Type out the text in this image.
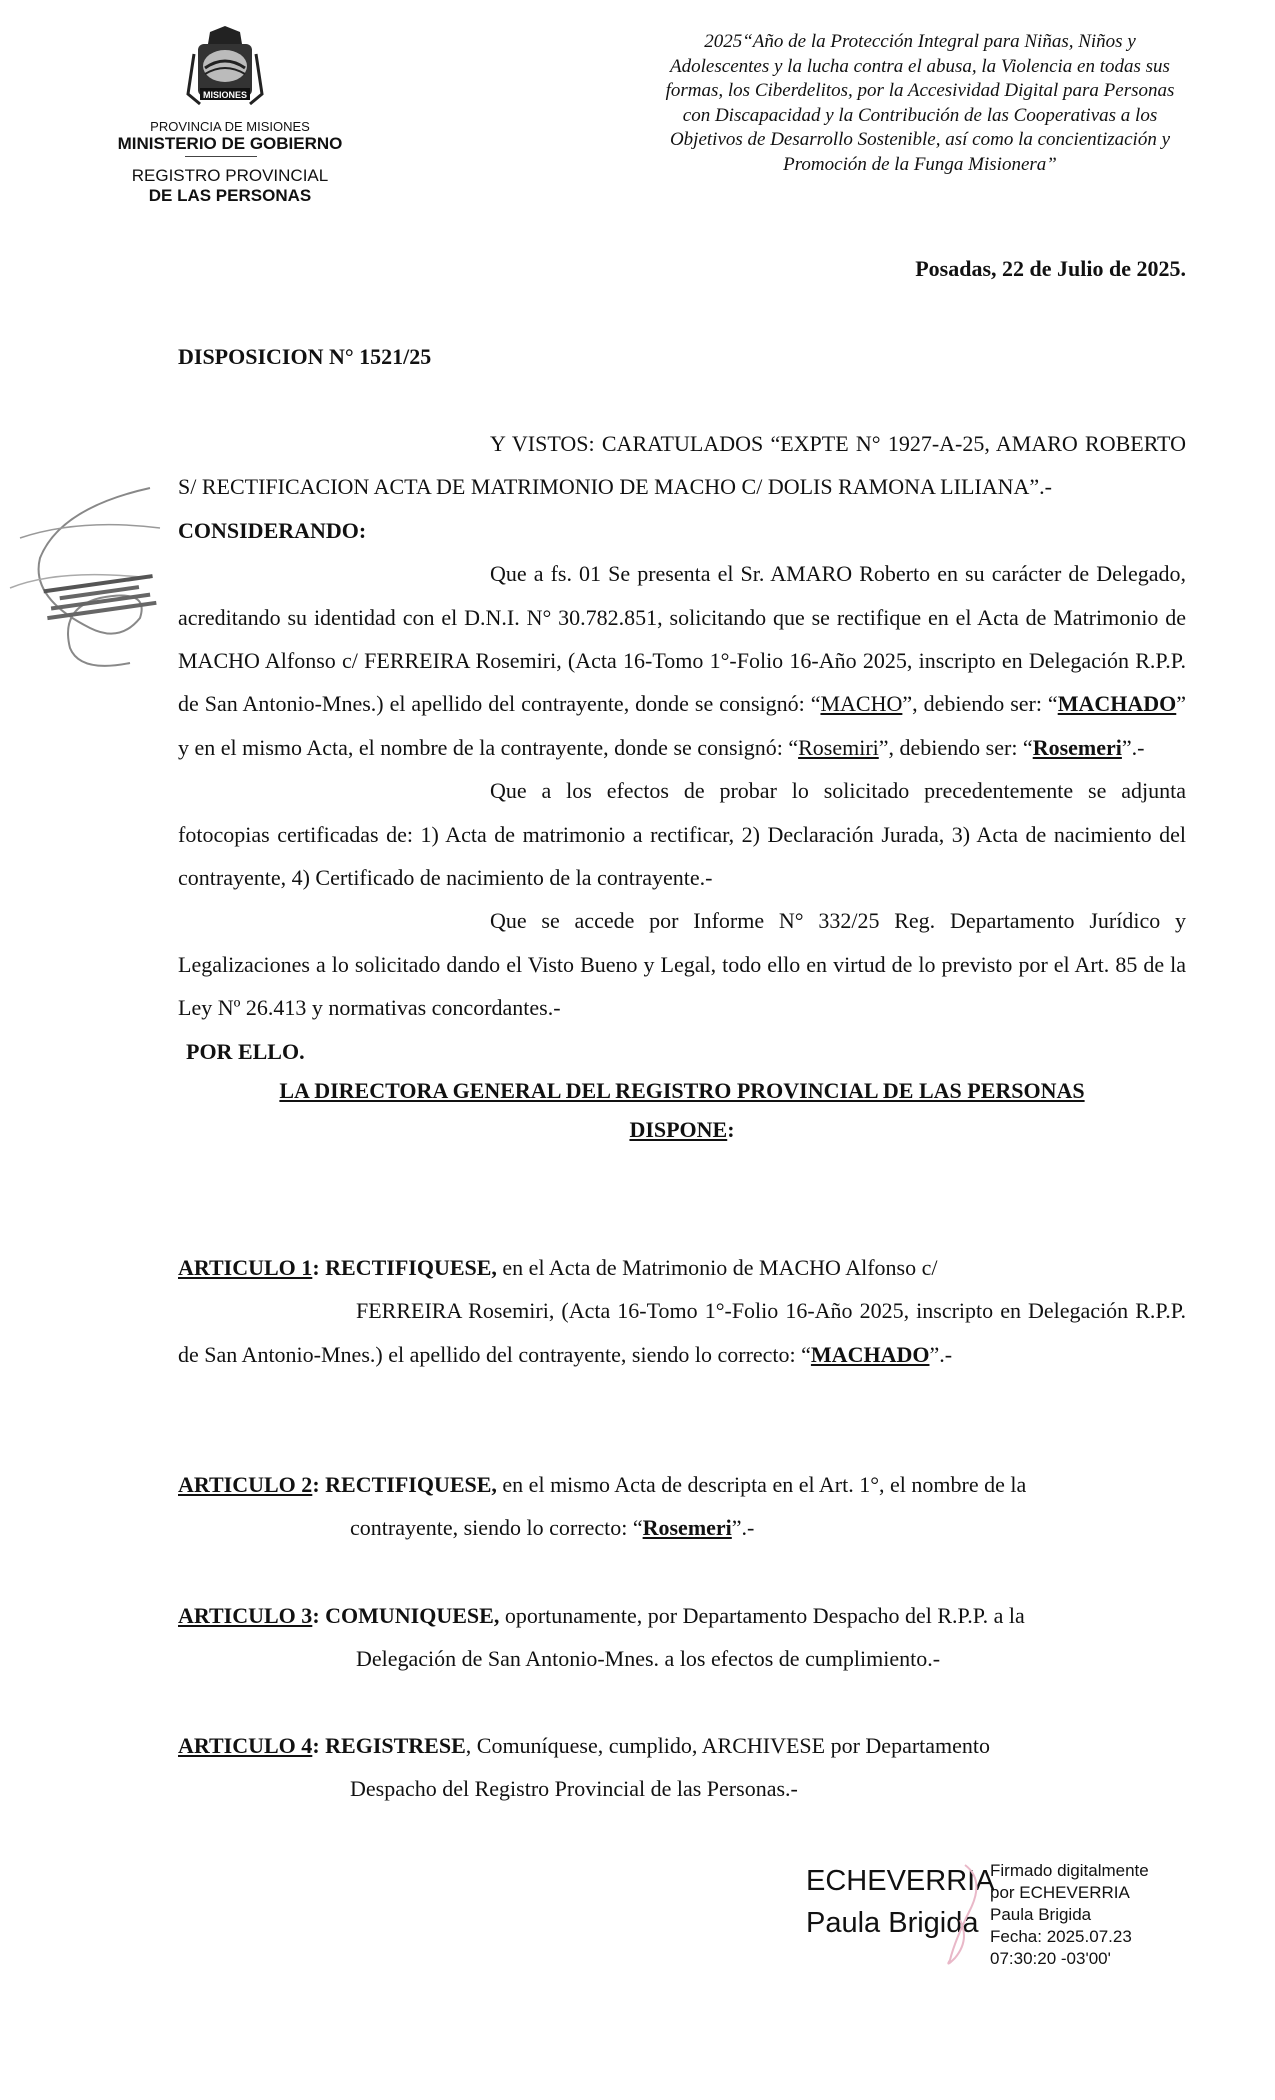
MISIONES
PROVINCIA DE MISIONES
MINISTERIO DE GOBIERNO
REGISTRO PROVINCIAL
DE LAS PERSONAS
2025“Año de la Protección Integral para Niñas, Niños y Adolescentes y la lucha contra el abusa, la Violencia en todas sus formas, los Ciberdelitos, por la Accesividad Digital para Personas con Discapacidad y la Contribución de las Cooperativas a los Objetivos de Desarrollo Sostenible, así como la concientización y Promoción de la Funga Misionera”
Posadas, 22 de Julio de 2025.
DISPOSICION N° 1521/25

Y VISTOS: CARATULADOS “EXPTE N° 1927-A-25, AMARO ROBERTO S/ RECTIFICACION ACTA DE MATRIMONIO DE MACHO C/ DOLIS RAMONA LILIANA”.-

CONSIDERANDO:

Que a fs. 01 Se presenta el Sr. AMARO Roberto en su carácter de Delegado, acreditando su identidad con el D.N.I. N° 30.782.851, solicitando que se rectifique en el Acta de Matrimonio de MACHO Alfonso c/ FERREIRA Rosemiri, (Acta 16-Tomo 1°-Folio 16-Año 2025, inscripto en Delegación R.P.P. de San Antonio-Mnes.) el apellido del contrayente, donde se consignó: “MACHO”, debiendo ser: “MACHADO” y en el mismo Acta, el nombre de la contrayente, donde se consignó: “Rosemiri”, debiendo ser: “Rosemeri”.-

Que a los efectos de probar lo solicitado precedentemente se adjunta fotocopias certificadas de: 1) Acta de matrimonio a rectificar, 2) Declaración Jurada, 3) Acta de nacimiento del contrayente, 4) Certificado de nacimiento de la contrayente.-

Que se accede por Informe N° 332/25 Reg. Departamento Jurídico y Legalizaciones a lo solicitado dando el Visto Bueno y Legal, todo ello en virtud de lo previsto por el Art. 85 de la Ley Nº 26.413 y normativas concordantes.-

POR ELLO.

LA DIRECTORA GENERAL DEL REGISTRO PROVINCIAL DE LAS PERSONAS

DISPONE:

ARTICULO 1: RECTIFIQUESE, en el Acta de Matrimonio de MACHO Alfonso c/

FERREIRA Rosemiri, (Acta 16-Tomo 1°-Folio 16-Año 2025, inscripto en Delegación R.P.P. de San Antonio-Mnes.) el apellido del contrayente, siendo lo correcto: “MACHADO”.-

ARTICULO 2: RECTIFIQUESE, en el mismo Acta de descripta en el Art. 1°, el nombre de la

contrayente, siendo lo correcto: “Rosemeri”.-

ARTICULO 3: COMUNIQUESE, oportunamente, por Departamento Despacho del R.P.P. a la

Delegación de San Antonio-Mnes. a los efectos de cumplimiento.-

ARTICULO 4: REGISTRESE, Comuníquese, cumplido, ARCHIVESE por Departamento

Despacho del Registro Provincial de las Personas.-

ECHEVERRIA
Paula Brigida
Firmado digitalmente
por ECHEVERRIA
Paula Brigida
Fecha: 2025.07.23
07:30:20 -03'00'
